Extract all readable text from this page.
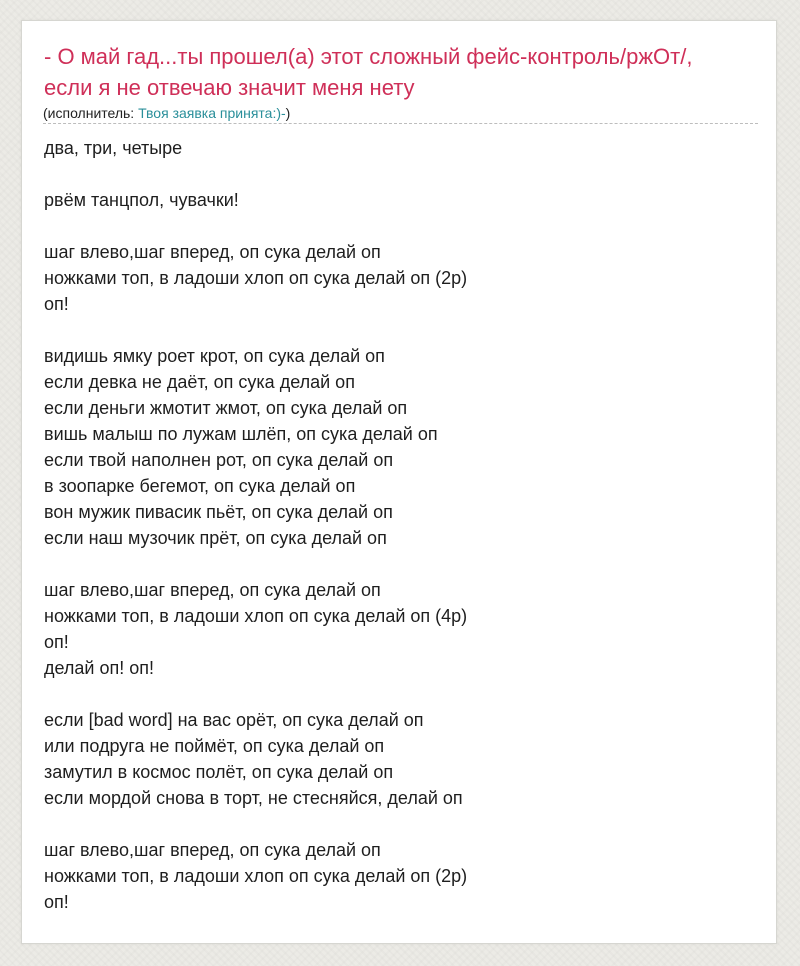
- О май гад...ты прошел(а) этот сложный фейс-контроль/ржОт/, если я не отвечаю значит меня нету
(исполнитель: Твоя заявка принята:)-)
два, три, четыре
рвём танцпол, чувачки!
шаг влево,шаг вперед, оп сука делай оп
ножками топ, в ладоши хлоп оп сука делай оп (2р)
оп!
видишь ямку роет крот, оп сука делай оп
если девка не даёт, оп сука делай оп
если деньги жмотит жмот, оп сука делай оп
вишь малыш по лужам шлёп, оп сука делай оп
если твой наполнен рот, оп сука делай оп
в зоопарке бегемот, оп сука делай оп
вон мужик пивасик пьёт, оп сука делай оп
если наш музочик прёт, оп сука делай оп
шаг влево,шаг вперед, оп сука делай оп
ножками топ, в ладоши хлоп оп сука делай оп (4р)
оп!
делай оп! оп!
если [bad word] на вас орёт, оп сука делай оп
или подруга не поймёт, оп сука делай оп
замутил в космос полёт, оп сука делай оп
если мордой снова в торт, не стесняйся, делай оп
шаг влево,шаг вперед, оп сука делай оп
ножками топ, в ладоши хлоп оп сука делай оп (2р)
оп!
